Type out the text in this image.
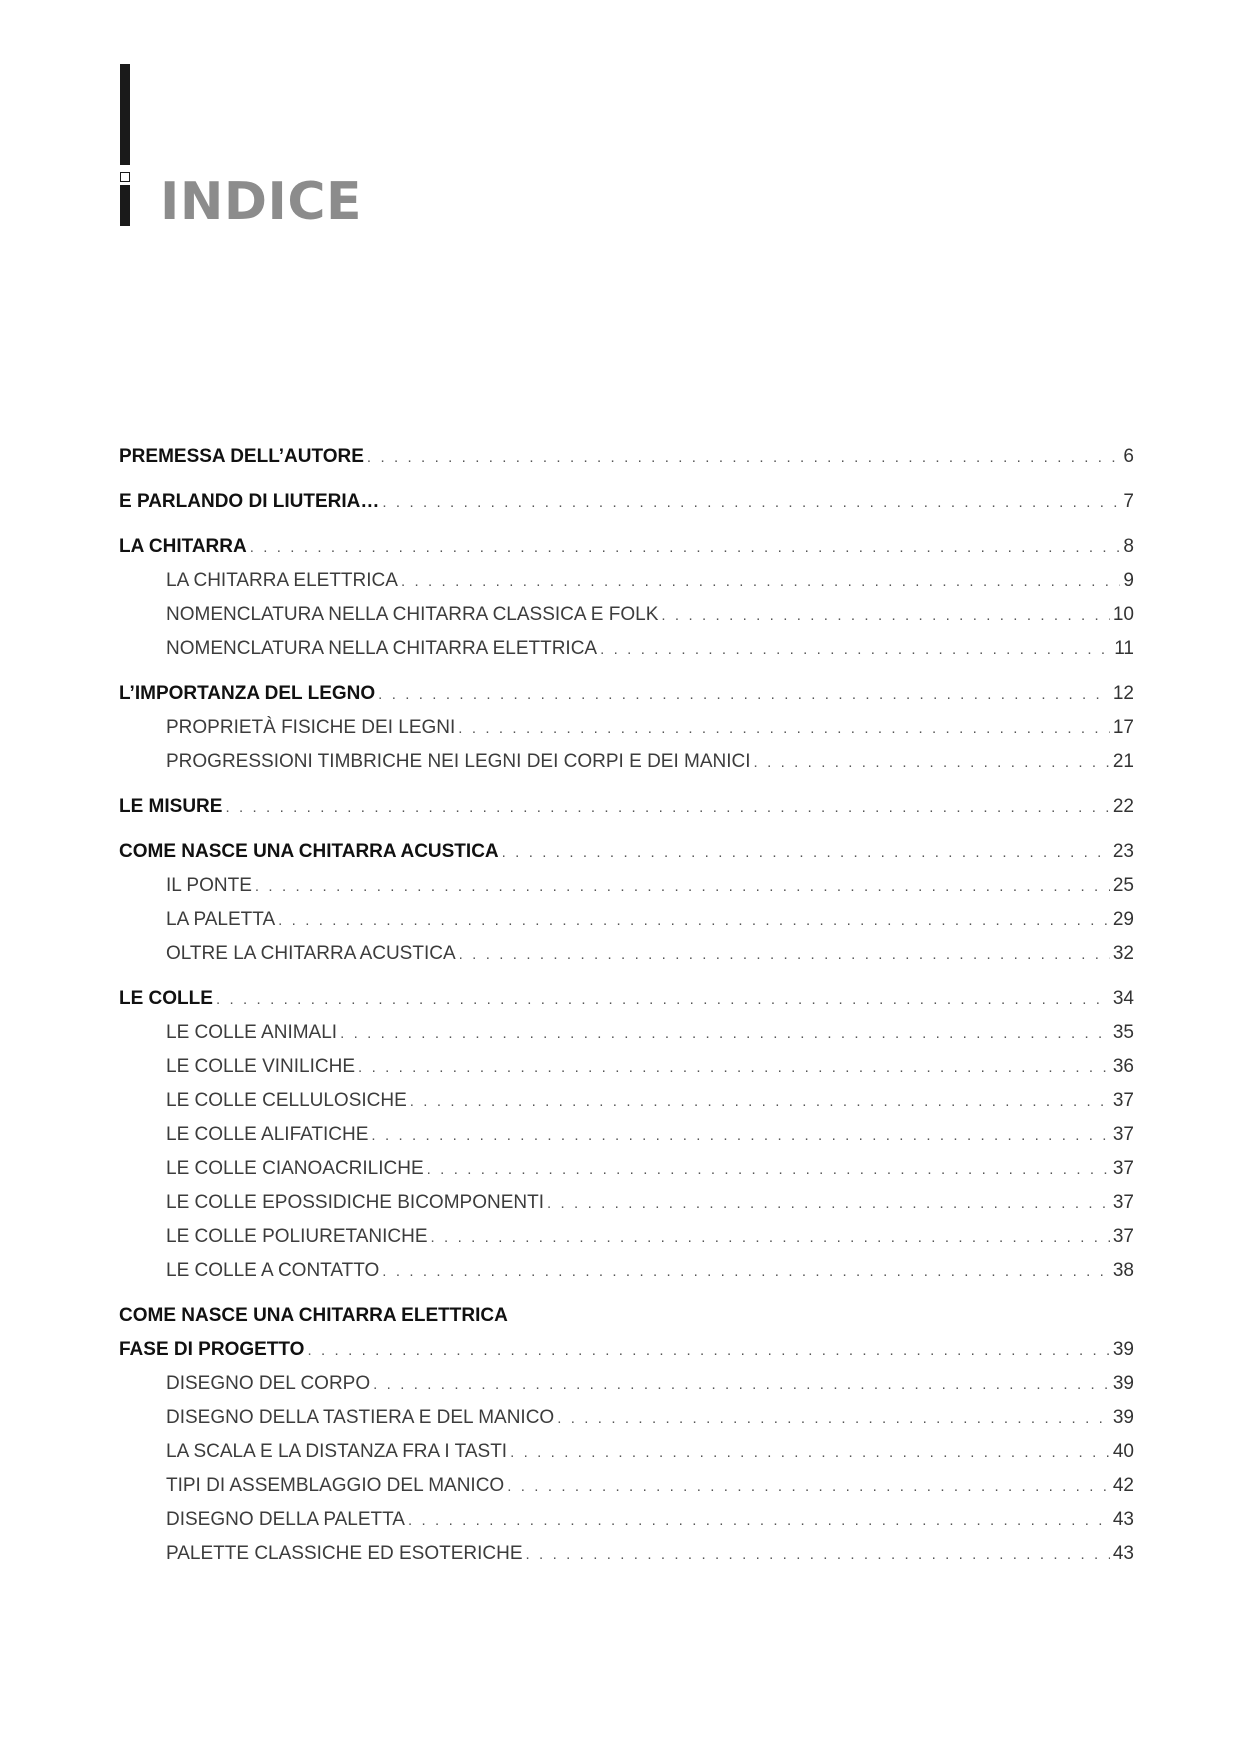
INDICE
PREMESSA DELL’AUTORE . . .	6
E PARLANDO DI LIUTERIA… . . .	7
LA CHITARRA . . .	8
LA CHITARRA ELETTRICA . . .	9
NOMENCLATURA NELLA CHITARRA CLASSICA E FOLK . . .	10
NOMENCLATURA NELLA CHITARRA ELETTRICA . . .	11
L’IMPORTANZA DEL LEGNO . . .	12
PROPRIETÀ FISICHE DEI LEGNI . . .	17
PROGRESSIONI TIMBRICHE NEI LEGNI DEI CORPI E DEI MANICI . . .	21
LE MISURE . . .	22
COME NASCE UNA CHITARRA ACUSTICA . . .	23
IL PONTE . . .	25
LA PALETTA . . .	29
OLTRE LA CHITARRA ACUSTICA . . .	32
LE COLLE . . .	34
LE COLLE ANIMALI . . .	35
LE COLLE VINILICHE . . .	36
LE COLLE CELLULOSICHE . . .	37
LE COLLE ALIFATICHE . . .	37
LE COLLE CIANOACRILICHE . . .	37
LE COLLE EPOSSIDICHE BICOMPONENTI . . .	37
LE COLLE POLIURETANICHE . . .	37
LE COLLE A CONTATTO . . .	38
COME NASCE UNA CHITARRA ELETTRICA
FASE DI PROGETTO . . .	39
DISEGNO DEL CORPO . . .	39
DISEGNO DELLA TASTIERA E DEL MANICO . . .	39
LA SCALA E LA DISTANZA FRA I TASTI . . .	40
TIPI DI ASSEMBLAGGIO DEL MANICO . . .	42
DISEGNO DELLA PALETTA . . .	43
PALETTE CLASSICHE ED ESOTERICHE . . .	43
